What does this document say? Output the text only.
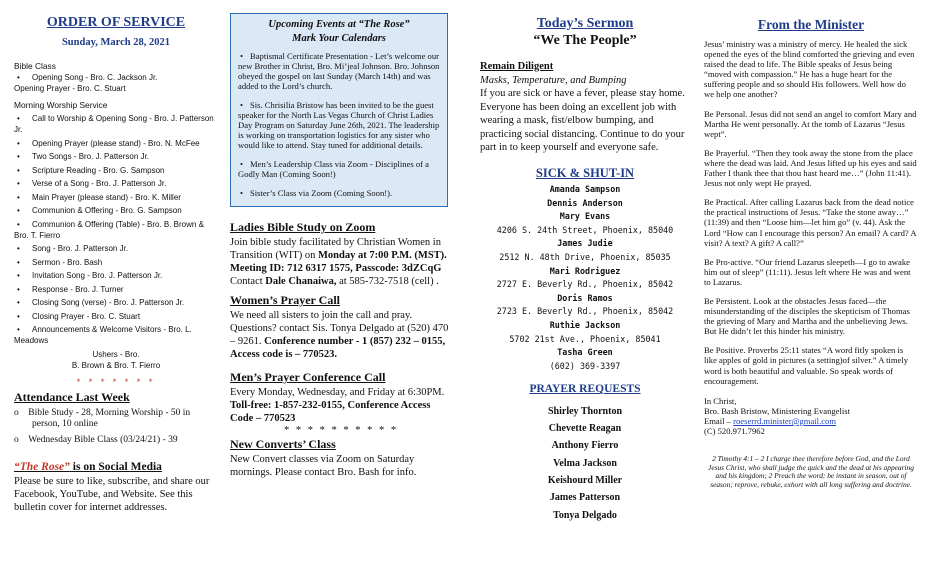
ORDER OF SERVICE
Sunday, March 28, 2021
Bible Class
• Opening Song - Bro. C. Jackson Jr.
Opening Prayer - Bro. C. Stuart
Morning Worship Service
• Call to Worship & Opening Song - Bro. J. Patterson Jr.
• Opening Prayer (please stand) - Bro. N. McFee
• Two Songs - Bro. J. Patterson Jr.
• Scripture Reading - Bro. G. Sampson
• Verse of a Song - Bro. J. Patterson Jr.
• Main Prayer (please stand) - Bro. K. Miller
• Communion & Offering - Bro. G. Sampson
• Communion & Offering (Table) - Bro. B. Brown & Bro. T. Fierro
• Song - Bro. J. Patterson Jr.
• Sermon - Bro. Bash
• Invitation Song - Bro. J. Patterson Jr.
• Response - Bro. J. Turner
• Closing Song (verse) - Bro. J. Patterson Jr.
• Closing Prayer - Bro. C. Stuart
• Announcements & Welcome Visitors - Bro. L. Meadows
Ushers - Bro.
B. Brown & Bro. T. Fierro
* * * * * * *
Attendance Last Week
o    Bible Study - 28, Morning Worship - 50 in person, 10 online
o    Wednesday Bible Class (03/24/21) - 39
“The Rose” is on Social Media
Please be sure to like, subscribe, and share our Facebook, YouTube, and Website. See this bulletin cover for internet addresses.
Upcoming Events at “The Rose”
Mark Your Calendars
• Baptismal Certificate Presentation - Let’s welcome our new Brother in Christ, Bro. Mi’jeal Johnson. Bro. Johnson obeyed the gospel on last Sunday (March 14th) and was added to the Lord’s church.
• Sis. Chrisilia Bristow has been invited to be the guest speaker for the North Las Vegas Church of Christ Ladies Day Program on Saturday June 26th, 2021. The leadership is working on transportation logistics for any sister who would like to attend. Stay tuned for additional details.
• Men’s Leadership Class via Zoom - Disciplines of a Godly Man (Coming Soon!)
• Sister’s Class via Zoom (Coming Soon!).
Ladies Bible Study on Zoom

Join bible study facilitated by Christian Women in Transition (WIT) on Monday at 7:00 P.M. (MST). Meeting ID: 712 6317 1575, Passcode: 3dZCqG

Contact Dale Chanaiwa, at 585-732-7518 (cell) .

Women’s Prayer Call

We need all sisters to join the call and pray. Questions? contact Sis. Tonya Delgado at (520) 470 – 9261. Conference number - 1 (857) 232 – 0155, Access code is – 770523.

Men’s Prayer Conference Call

Every Monday, Wednesday, and Friday at 6:30PM. Toll-free: 1-857-232-0155, Conference Access Code – 770523

* * * * * * * * * *

New Converts’ Class

New Convert classes via Zoom on Saturday mornings. Please contact Bro. Bash for info.

Today’s Sermon
“We The People”
Remain Diligent
Masks, Temperature, and Bumping
If you are sick or have a fever, please stay home. Everyone has been doing an excellent job with wearing a mask, fist/elbow bumping, and practicing social distancing. Continue to do your part in to keep yourself and everyone safe.
SICK & SHUT-IN
Amanda Sampson
Dennis Anderson
Mary Evans
4206 S. 24th Street, Phoenix, 85040
James Judie
2512 N. 48th Drive, Phoenix, 85035
Mari Rodriguez
2727 E. Beverly Rd., Phoenix, 85042
Doris Ramos
2723 E. Beverly Rd., Phoenix, 85042
Ruthie Jackson
5702 21st Ave., Phoenix, 85041
Tasha Green
(602) 369-3397
PRAYER REQUESTS
Shirley Thornton
Chevette Reagan
Anthony Fierro
Velma Jackson
Keishourd Miller
James Patterson
Tonya Delgado
From the Minister

Jesus’ ministry was a ministry of mercy. He healed the sick opened the eyes of the blind comforted the grieving and even raised the dead to life. The Bible speaks of Jesus being “moved with compassion.” He has a huge heart for the suffering people and so should His followers. Well how do we help one another?

Be Personal. Jesus did not send an angel to comfort Mary and Martha He went personally. At the tomb of Lazarus “Jesus wept”.

Be Prayerful. “Then they took away the stone from the place where the dead was laid. And Jesus lifted up his eyes and said Father I thank thee that thou hast heard me…” (John 11:41). Jesus not only wept He prayed.

Be Practical. After calling Lazarus back from the dead notice the practical instructions of Jesus. “Take the stone away…” (11:39) and then “Loose him—let him go” (v. 44). Ask the Lord “How can I encourage this person? An email? A card? A visit? A text? A gift? A call?”

Be Pro-active. “Our friend Lazarus sleepeth—I go to awake him out of sleep” (11:11). Jesus left where He was and went to Lazarus.

Be Persistent. Look at the obstacles Jesus faced—the misunderstanding of the disciples the skepticism of Thomas the grieving of Mary and Martha and the unbelieving Jews. But He didn’t let this hinder his ministry.

Be Positive. Proverbs 25:11 states “A word fitly spoken is like apples of gold in pictures (a setting)of silver.” A timely word is both beautiful and valuable. So speak words of encouragement.

In Christ,
Bro. Bash Bristow, Ministering Evangelist
Email – roeserrd.minister@gmail.com
(C) 520.971.7962
2 Timothy 4:1 – 2 I charge thee therefore before God, and the Lord Jesus Christ, who shall judge the quick and the dead at his appearing and his kingdom; 2 Preach the word; be instant in season, out of season; reprove, rebuke, exhort with all long suffering and doctrine.
